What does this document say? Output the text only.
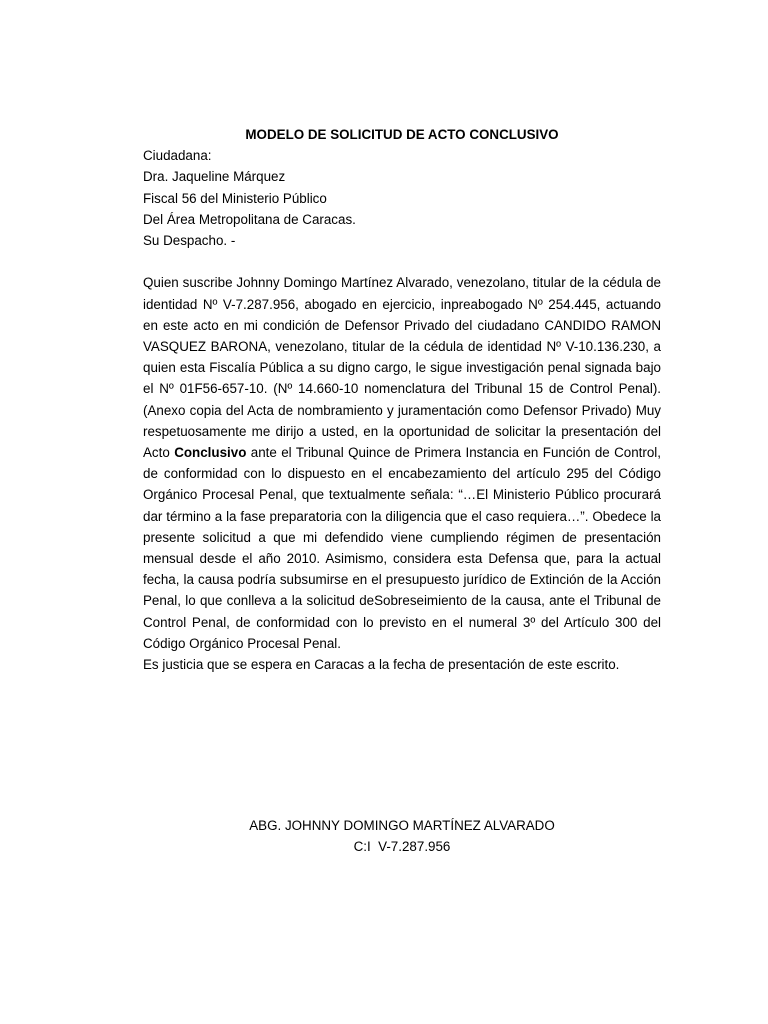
MODELO DE SOLICITUD DE ACTO CONCLUSIVO

Ciudadana:

Dra. Jaqueline Márquez

Fiscal 56 del Ministerio Público

Del Área Metropolitana de Caracas.

Su Despacho. -

Quien suscribe Johnny Domingo Martínez Alvarado, venezolano, titular de la cédula de identidad Nº V-7.287.956, abogado en ejercicio, inpreabogado Nº 254.445, actuando en este acto en mi condición de Defensor Privado del ciudadano CANDIDO RAMON VASQUEZ BARONA, venezolano, titular de la cédula de identidad Nº V-10.136.230, a quien esta Fiscalía Pública a su digno cargo, le sigue investigación penal signada bajo el Nº 01F56-657-10. (Nº 14.660-10 nomenclatura del Tribunal 15 de Control Penal). (Anexo copia del Acta de nombramiento y juramentación como Defensor Privado) Muy respetuosamente me dirijo a usted, en la oportunidad de solicitar la presentación del Acto Conclusivo ante el Tribunal Quince de Primera Instancia en Función de Control, de conformidad con lo dispuesto en el encabezamiento del artículo 295 del Código Orgánico Procesal Penal, que textualmente señala: “…El Ministerio Público procurará dar término a la fase preparatoria con la diligencia que el caso requiera…”. Obedece la presente solicitud a que mi defendido viene cumpliendo régimen de presentación mensual desde el año 2010. Asimismo, considera esta Defensa que, para la actual fecha, la causa podría subsumirse en el presupuesto jurídico de Extinción de la Acción Penal, lo que conlleva a la solicitud deSobreseimiento de la causa, ante el Tribunal de Control Penal, de conformidad con lo previsto en el numeral 3º del Artículo 300 del Código Orgánico Procesal Penal.

Es justicia que se espera en Caracas a la fecha de presentación de este escrito.

ABG. JOHNNY DOMINGO MARTÍNEZ ALVARADO

C:I  V-7.287.956
